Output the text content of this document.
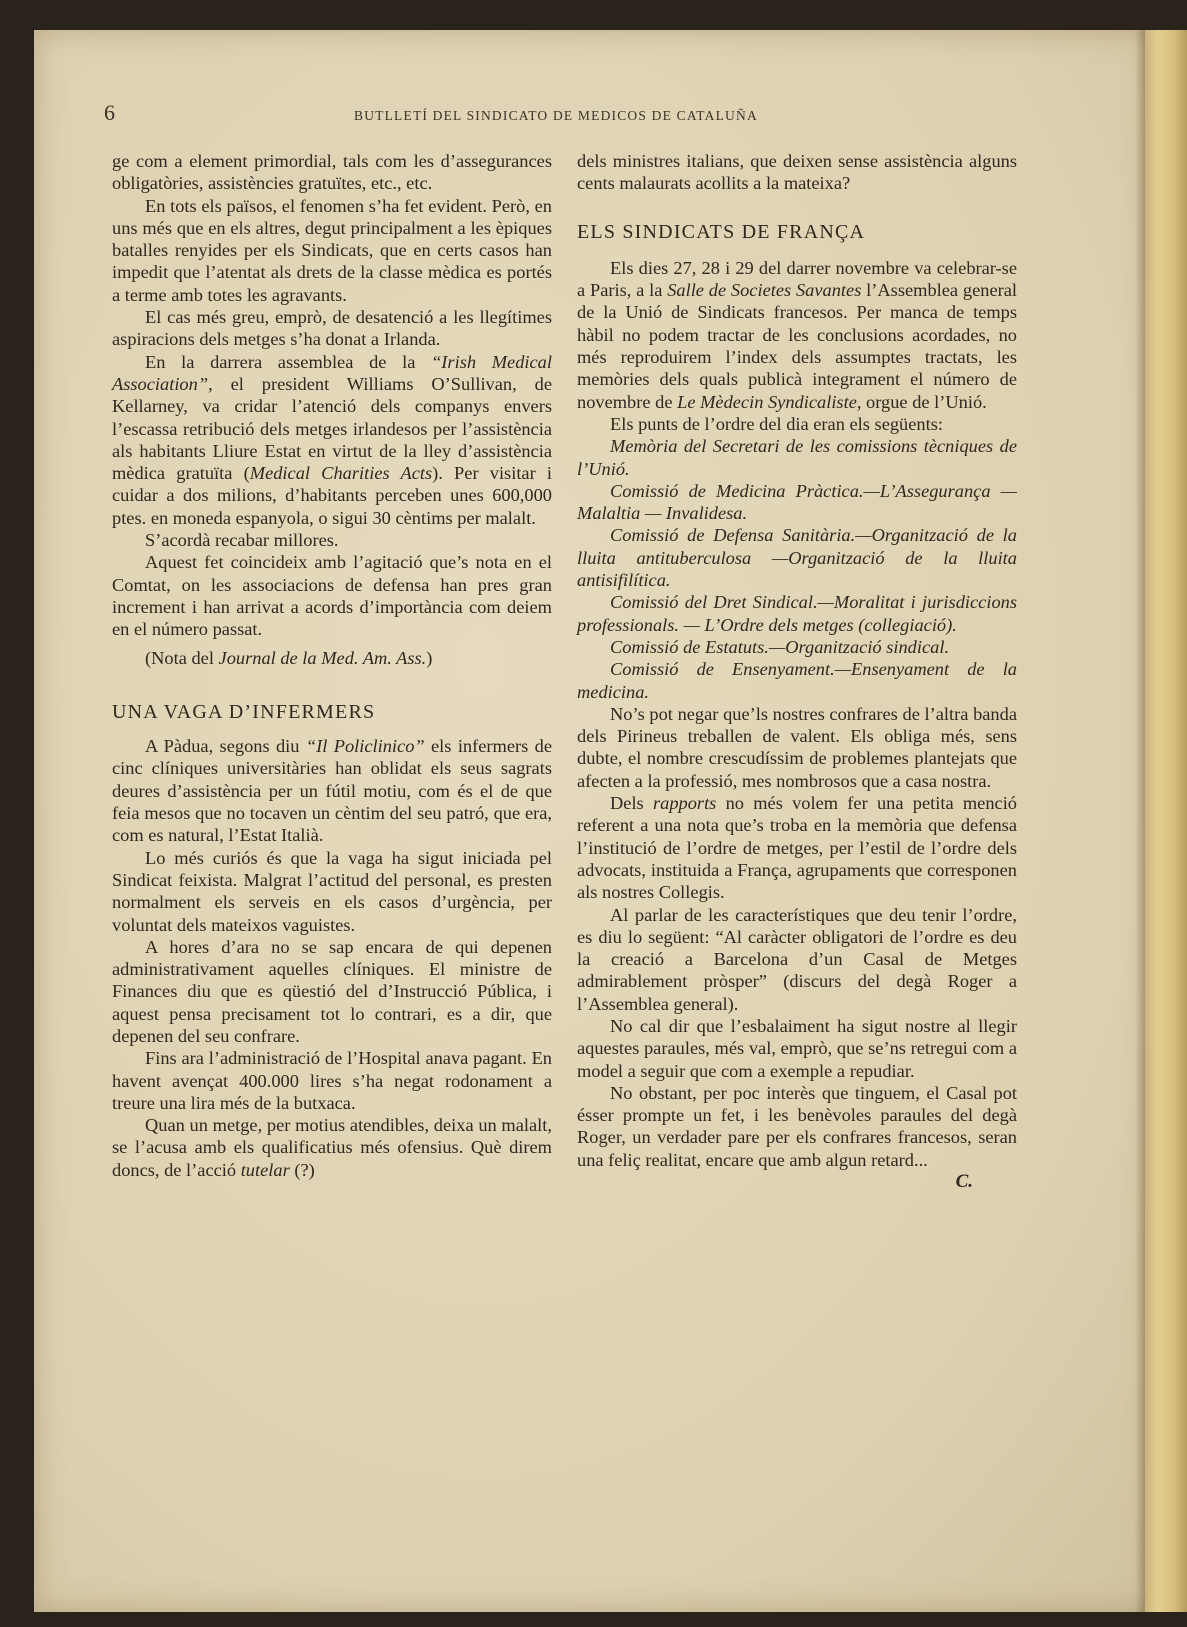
6	BUTLLETÍ DEL SINDICATO DE MEDICOS DE CATALUÑA

ge com a element primordial, tals com les d’assegurances obligatòries, assistències gratuïtes, etc., etc.

En tots els països, el fenomen s’ha fet evident. Però, en uns més que en els altres, degut principalment a les èpiques batalles renyides per els Sindicats, que en certs casos han impedit que l’atentat als drets de la classe mèdica es portés a terme amb totes les agravants.

El cas més greu, emprò, de desatenció a les llegítimes aspiracions dels metges s’ha donat a Irlanda.

En la darrera assemblea de la “Irish Medical Association”, el president Williams O’Sullivan, de Kellarney, va cridar l’atenció dels companys envers l’escassa retribució dels metges irlandesos per l’assistència als habitants Lliure Estat en virtut de la lley d’assistència mèdica gratuïta (Medical Charities Acts). Per visitar i cuidar a dos milions, d’habitants perceben unes 600,000 ptes. en moneda espanyola, o sigui 30 cèntims per malalt.

S’acordà recabar millores.

Aquest fet coincideix amb l’agitació que’s nota en el Comtat, on les associacions de defensa han pres gran increment i han arrivat a acords d’importància com deiem en el número passat.

(Nota del Journal de la Med. Am. Ass.)

UNA VAGA D’INFERMERS

A Pàdua, segons diu “Il Policlinico” els infermers de cinc clíniques universitàries han oblidat els seus sagrats deures d’assistència per un fútil motiu, com és el de que feia mesos que no tocaven un cèntim del seu patró, que era, com es natural, l’Estat Italià.

Lo més curiós és que la vaga ha sigut iniciada pel Sindicat feixista. Malgrat l’actitud del personal, es presten normalment els serveis en els casos d’urgència, per voluntat dels mateixos vaguistes.

A hores d’ara no se sap encara de qui depenen administrativament aquelles clíniques. El ministre de Finances diu que es qüestió del d’Instrucció Pública, i aquest pensa precisament tot lo contrari, es a dir, que depenen del seu confrare.

Fins ara l’administració de l’Hospital anava pagant. En havent avençat 400.000 lires s’ha negat rodonament a treure una lira més de la butxaca.

Quan un metge, per motius atendibles, deixa un malalt, se l’acusa amb els qualificatius més ofensius. Què direm doncs, de l’acció tutelar (?)

dels ministres italians, que deixen sense assistència alguns cents malaurats acollits a la mateixa?

ELS SINDICATS DE FRANÇA

Els dies 27, 28 i 29 del darrer novembre va celebrar-se a Paris, a la Salle de Societes Savantes l’Assemblea general de la Unió de Sindicats francesos. Per manca de temps hàbil no podem tractar de les conclusions acordades, no més reproduirem l’index dels assumptes tractats, les memòries dels quals publicà integrament el número de novembre de Le Mèdecin Syndicaliste, orgue de l’Unió.

Els punts de l’ordre del dia eran els següents:

Memòria del Secretari de les comissions tècniques de l’Unió.

Comissió de Medicina Pràctica.—L’Assegurança — Malaltia — Invalidesa.

Comissió de Defensa Sanitària.—Organització de la lluita antituberculosa —Organització de la lluita antisifilítica.

Comissió del Dret Sindical.—Moralitat i jurisdiccions professionals. — L’Ordre dels metges (collegiació).

Comissió de Estatuts.—Organització sindical.

Comissió de Ensenyament.—Ensenyament de la medicina.

No’s pot negar que’ls nostres confrares de l’altra banda dels Pirineus treballen de valent. Els obliga més, sens dubte, el nombre crescudíssim de problemes plantejats que afecten a la professió, mes nombrosos que a casa nostra.

Dels rapports no més volem fer una petita menció referent a una nota que’s troba en la memòria que defensa l’institució de l’ordre de metges, per l’estil de l’ordre dels advocats, instituida a França, agrupaments que corresponen als nostres Collegis.

Al parlar de les característiques que deu tenir l’ordre, es diu lo següent: “Al caràcter obligatori de l’ordre es deu la creació a Barcelona d’un Casal de Metges admirablement pròsper” (discurs del degà Roger a l’Assemblea general).

No cal dir que l’esbalaiment ha sigut nostre al llegir aquestes paraules, més val, emprò, que se’ns retregui com a model a seguir que com a exemple a repudiar.

No obstant, per poc interès que tinguem, el Casal pot ésser prompte un fet, i les benèvoles paraules del degà Roger, un verdader pare per els confrares francesos, seran una feliç realitat, encare que amb algun retard...

C.
